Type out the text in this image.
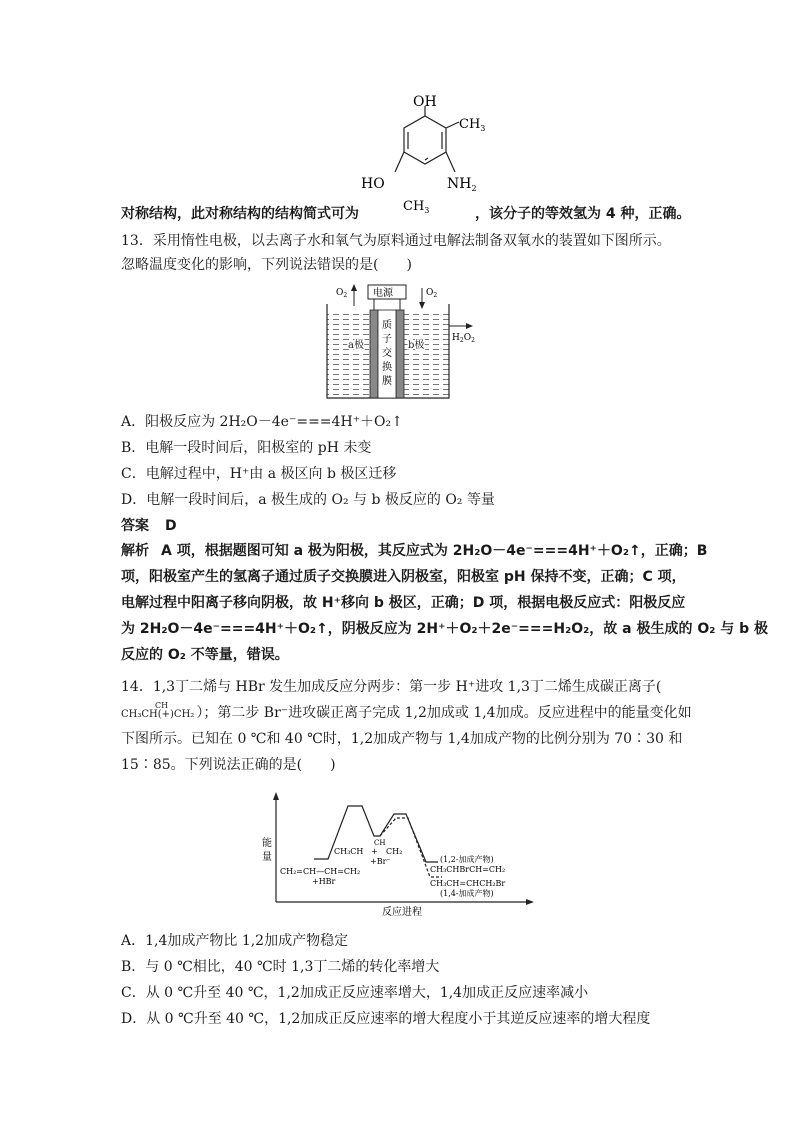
OH
$CH_3$
HO	$NH_2$
$CH_3$
对称结构，此对称结构的结构简式可为	，该分子的等效氢为 4 种，正确。
13．采用惰性电极，以去离子水和氧气为原料通过电解法制备双氧水的装置如下图所示。
忽略温度变化的影响，下列说法错误的是(　　)
$O_2$	$O_2$
电源
质
子
交
换
膜
a极	b极
$H_2O_2$
A．阳极反应为 2H₂O－4e⁻===4H⁺＋O₂↑
B．电解一段时间后，阳极室的 pH 未变
C．电解过程中，H⁺由 a 极区向 b 极区迁移
D．电解一段时间后，a 极生成的 O₂ 与 b 极反应的 O₂ 等量
答案 D
解析 A 项，根据题图可知 a 极为阳极，其反应式为 2H₂O－4e⁻===4H⁺＋O₂↑，正确；B
项，阳极室产生的氢离子通过质子交换膜进入阴极室，阳极室 pH 保持不变，正确；C 项，
电解过程中阳离子移向阴极，故 H⁺移向 b 极区，正确；D 项，根据电极反应式：阳极反应
为 2H₂O－4e⁻===4H⁺＋O₂↑，阴极反应为 2H⁺＋O₂＋2e⁻===H₂O₂，故 a 极生成的 O₂ 与 b 极
反应的 O₂ 不等量，错误。
14．1,3丁二烯与 HBr 发生加成反应分两步：第一步 H⁺进攻 1,3丁二烯生成碳正离子(
CH
CH₃CH(+)CH₂ ）；第二步 Br⁻进攻碳正离子完成 1,2加成或 1,4加成。反应进程中的能量变化如
下图所示。已知在 0 ℃和 40 ℃时，1,2加成产物与 1,4加成产物的比例分别为 70∶30 和
15∶85。下列说法正确的是(　　)
能
量
反应进程
CH₂=CH—CH=CH₂
+HBr
CH
CH₃CH + CH₂
+Br⁻	(1,2-加成产物)
CH₃CHBrCH=CH₂
CH₃CH=CHCH₂Br
(1,4-加成产物)
A．1,4加成产物比 1,2加成产物稳定
B．与 0 ℃相比，40 ℃时 1,3丁二烯的转化率增大
C．从 0 ℃升至 40 ℃，1,2加成正反应速率增大，1,4加成正反应速率减小
D．从 0 ℃升至 40 ℃，1,2加成正反应速率的增大程度小于其逆反应速率的增大程度
